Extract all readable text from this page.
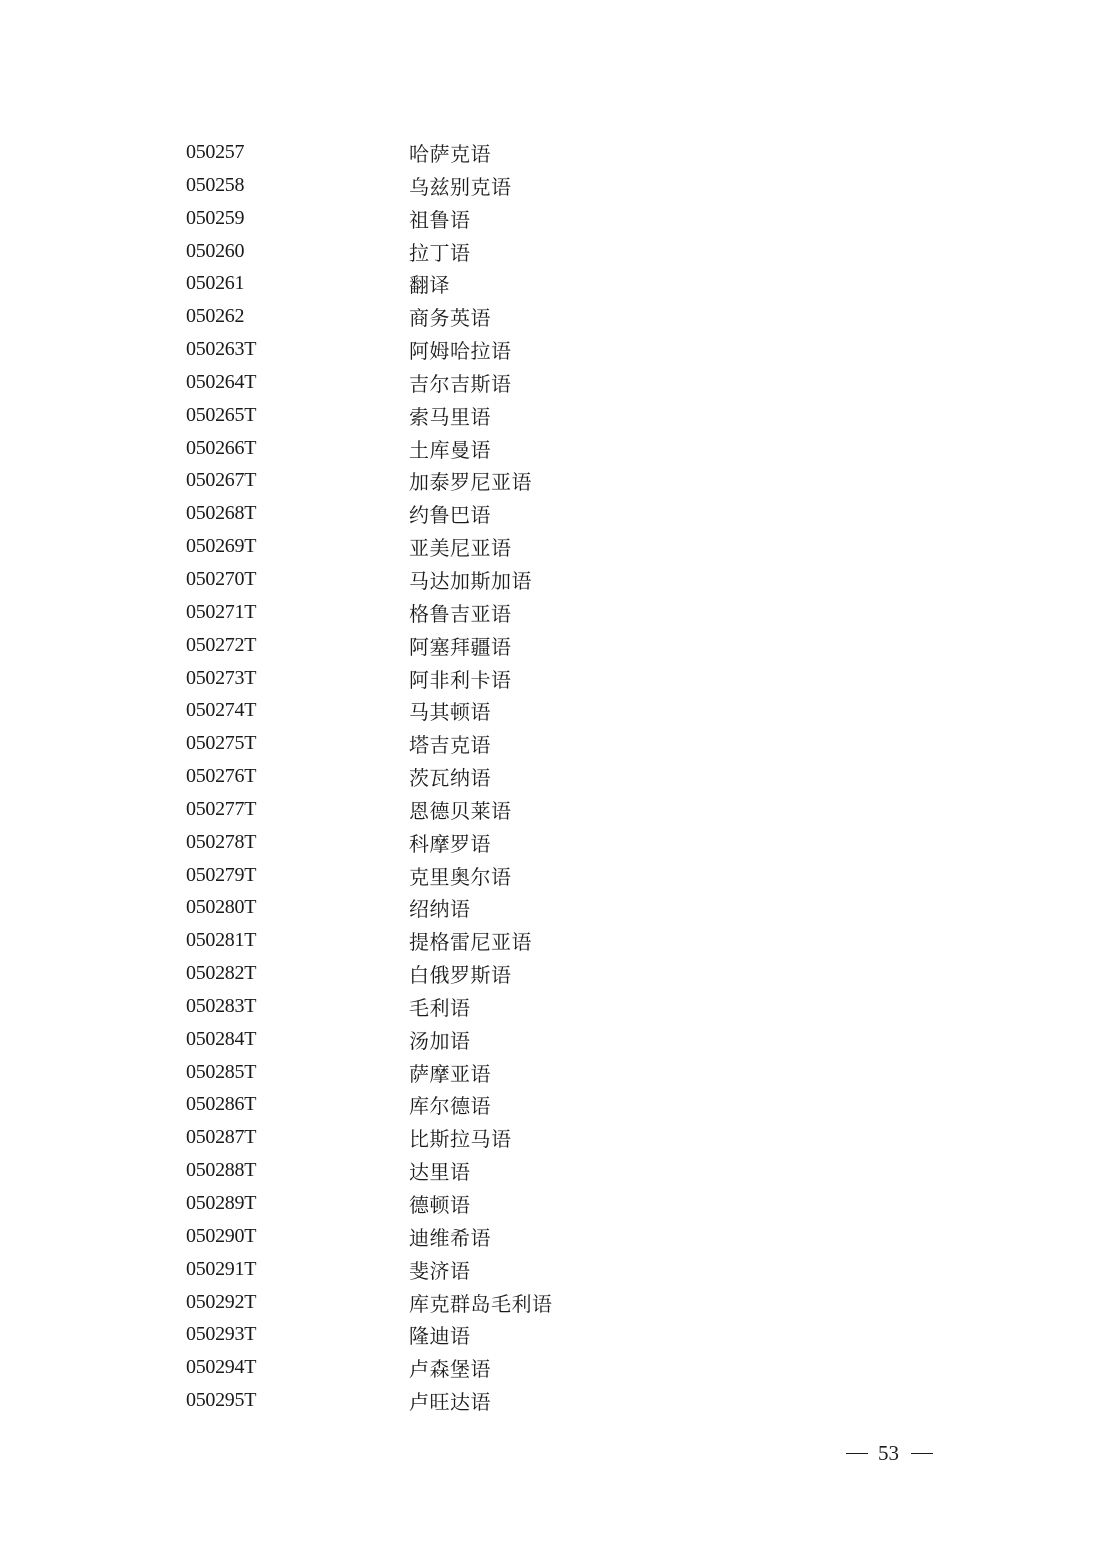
050257	哈萨克语
050258	乌兹别克语
050259	祖鲁语
050260	拉丁语
050261	翻译
050262	商务英语
050263T	阿姆哈拉语
050264T	吉尔吉斯语
050265T	索马里语
050266T	土库曼语
050267T	加泰罗尼亚语
050268T	约鲁巴语
050269T	亚美尼亚语
050270T	马达加斯加语
050271T	格鲁吉亚语
050272T	阿塞拜疆语
050273T	阿非利卡语
050274T	马其顿语
050275T	塔吉克语
050276T	茨瓦纳语
050277T	恩德贝莱语
050278T	科摩罗语
050279T	克里奥尔语
050280T	绍纳语
050281T	提格雷尼亚语
050282T	白俄罗斯语
050283T	毛利语
050284T	汤加语
050285T	萨摩亚语
050286T	库尔德语
050287T	比斯拉马语
050288T	达里语
050289T	德顿语
050290T	迪维希语
050291T	斐济语
050292T	库克群岛毛利语
050293T	隆迪语
050294T	卢森堡语
050295T	卢旺达语
53
